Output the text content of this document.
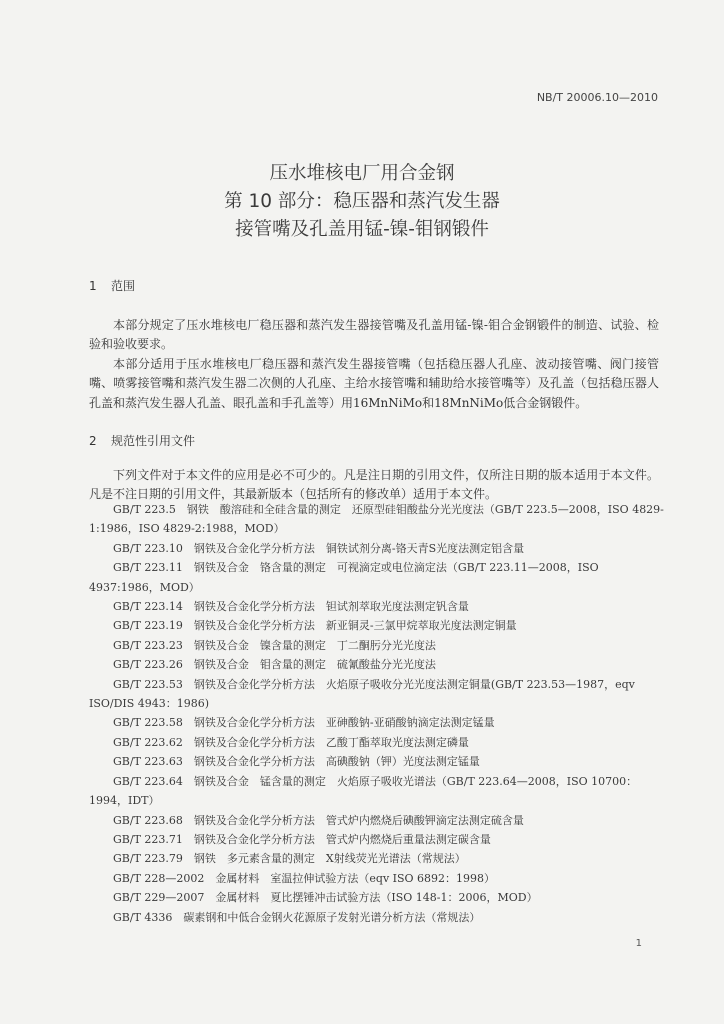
NB/T 20006.10—2010
压水堆核电厂用合金钢
第 10 部分：稳压器和蒸汽发生器
接管嘴及孔盖用锰-镍-钼钢锻件
1 范围
本部分规定了压水堆核电厂稳压器和蒸汽发生器接管嘴及孔盖用锰-镍-钼合金钢锻件的制造、试验、检验和验收要求。
本部分适用于压水堆核电厂稳压器和蒸汽发生器接管嘴（包括稳压器人孔座、波动接管嘴、阀门接管嘴、喷雾接管嘴和蒸汽发生器二次侧的人孔座、主给水接管嘴和辅助给水接管嘴等）及孔盖（包括稳压器人孔盖和蒸汽发生器人孔盖、眼孔盖和手孔盖等）用16MnNiMo和18MnNiMo低合金钢锻件。
2 规范性引用文件
下列文件对于本文件的应用是必不可少的。凡是注日期的引用文件，仅所注日期的版本适用于本文件。凡是不注日期的引用文件，其最新版本（包括所有的修改单）适用于本文件。
GB/T 223.5　钢铁　酸溶硅和全硅含量的测定　还原型硅钼酸盐分光光度法（GB/T 223.5—2008，ISO 4829-1:1986，ISO 4829-2:1988，MOD）
GB/T 223.10　钢铁及合金化学分析方法　铜铁试剂分离-铬天青S光度法测定铝含量
GB/T 223.11　钢铁及合金　铬含量的测定　可视滴定或电位滴定法（GB/T 223.11—2008，ISO 4937:1986，MOD）
GB/T 223.14　钢铁及合金化学分析方法　钽试剂萃取光度法测定钒含量
GB/T 223.19　钢铁及合金化学分析方法　新亚铜灵-三氯甲烷萃取光度法测定铜量
GB/T 223.23　钢铁及合金　镍含量的测定　丁二酮肟分光光度法
GB/T 223.26　钢铁及合金　钼含量的测定　硫氰酸盐分光光度法
GB/T 223.53　钢铁及合金化学分析方法　火焰原子吸收分光光度法测定铜量(GB/T 223.53—1987，eqv ISO/DIS 4943：1986)
GB/T 223.58　钢铁及合金化学分析方法　亚砷酸钠-亚硝酸钠滴定法测定锰量
GB/T 223.62　钢铁及合金化学分析方法　乙酸丁酯萃取光度法测定磷量
GB/T 223.63　钢铁及合金化学分析方法　高碘酸钠（钾）光度法测定锰量
GB/T 223.64　钢铁及合金　锰含量的测定　火焰原子吸收光谱法（GB/T 223.64—2008，ISO 10700：1994，IDT）
GB/T 223.68　钢铁及合金化学分析方法　管式炉内燃烧后碘酸钾滴定法测定硫含量
GB/T 223.71　钢铁及合金化学分析方法　管式炉内燃烧后重量法测定碳含量
GB/T 223.79　钢铁　多元素含量的测定　X射线荧光光谱法（常规法）
GB/T 228—2002　金属材料　室温拉伸试验方法（eqv ISO 6892：1998）
GB/T 229—2007　金属材料　夏比摆锤冲击试验方法（ISO 148-1：2006，MOD）
GB/T 4336　碳素钢和中低合金钢火花源原子发射光谱分析方法（常规法）
1
